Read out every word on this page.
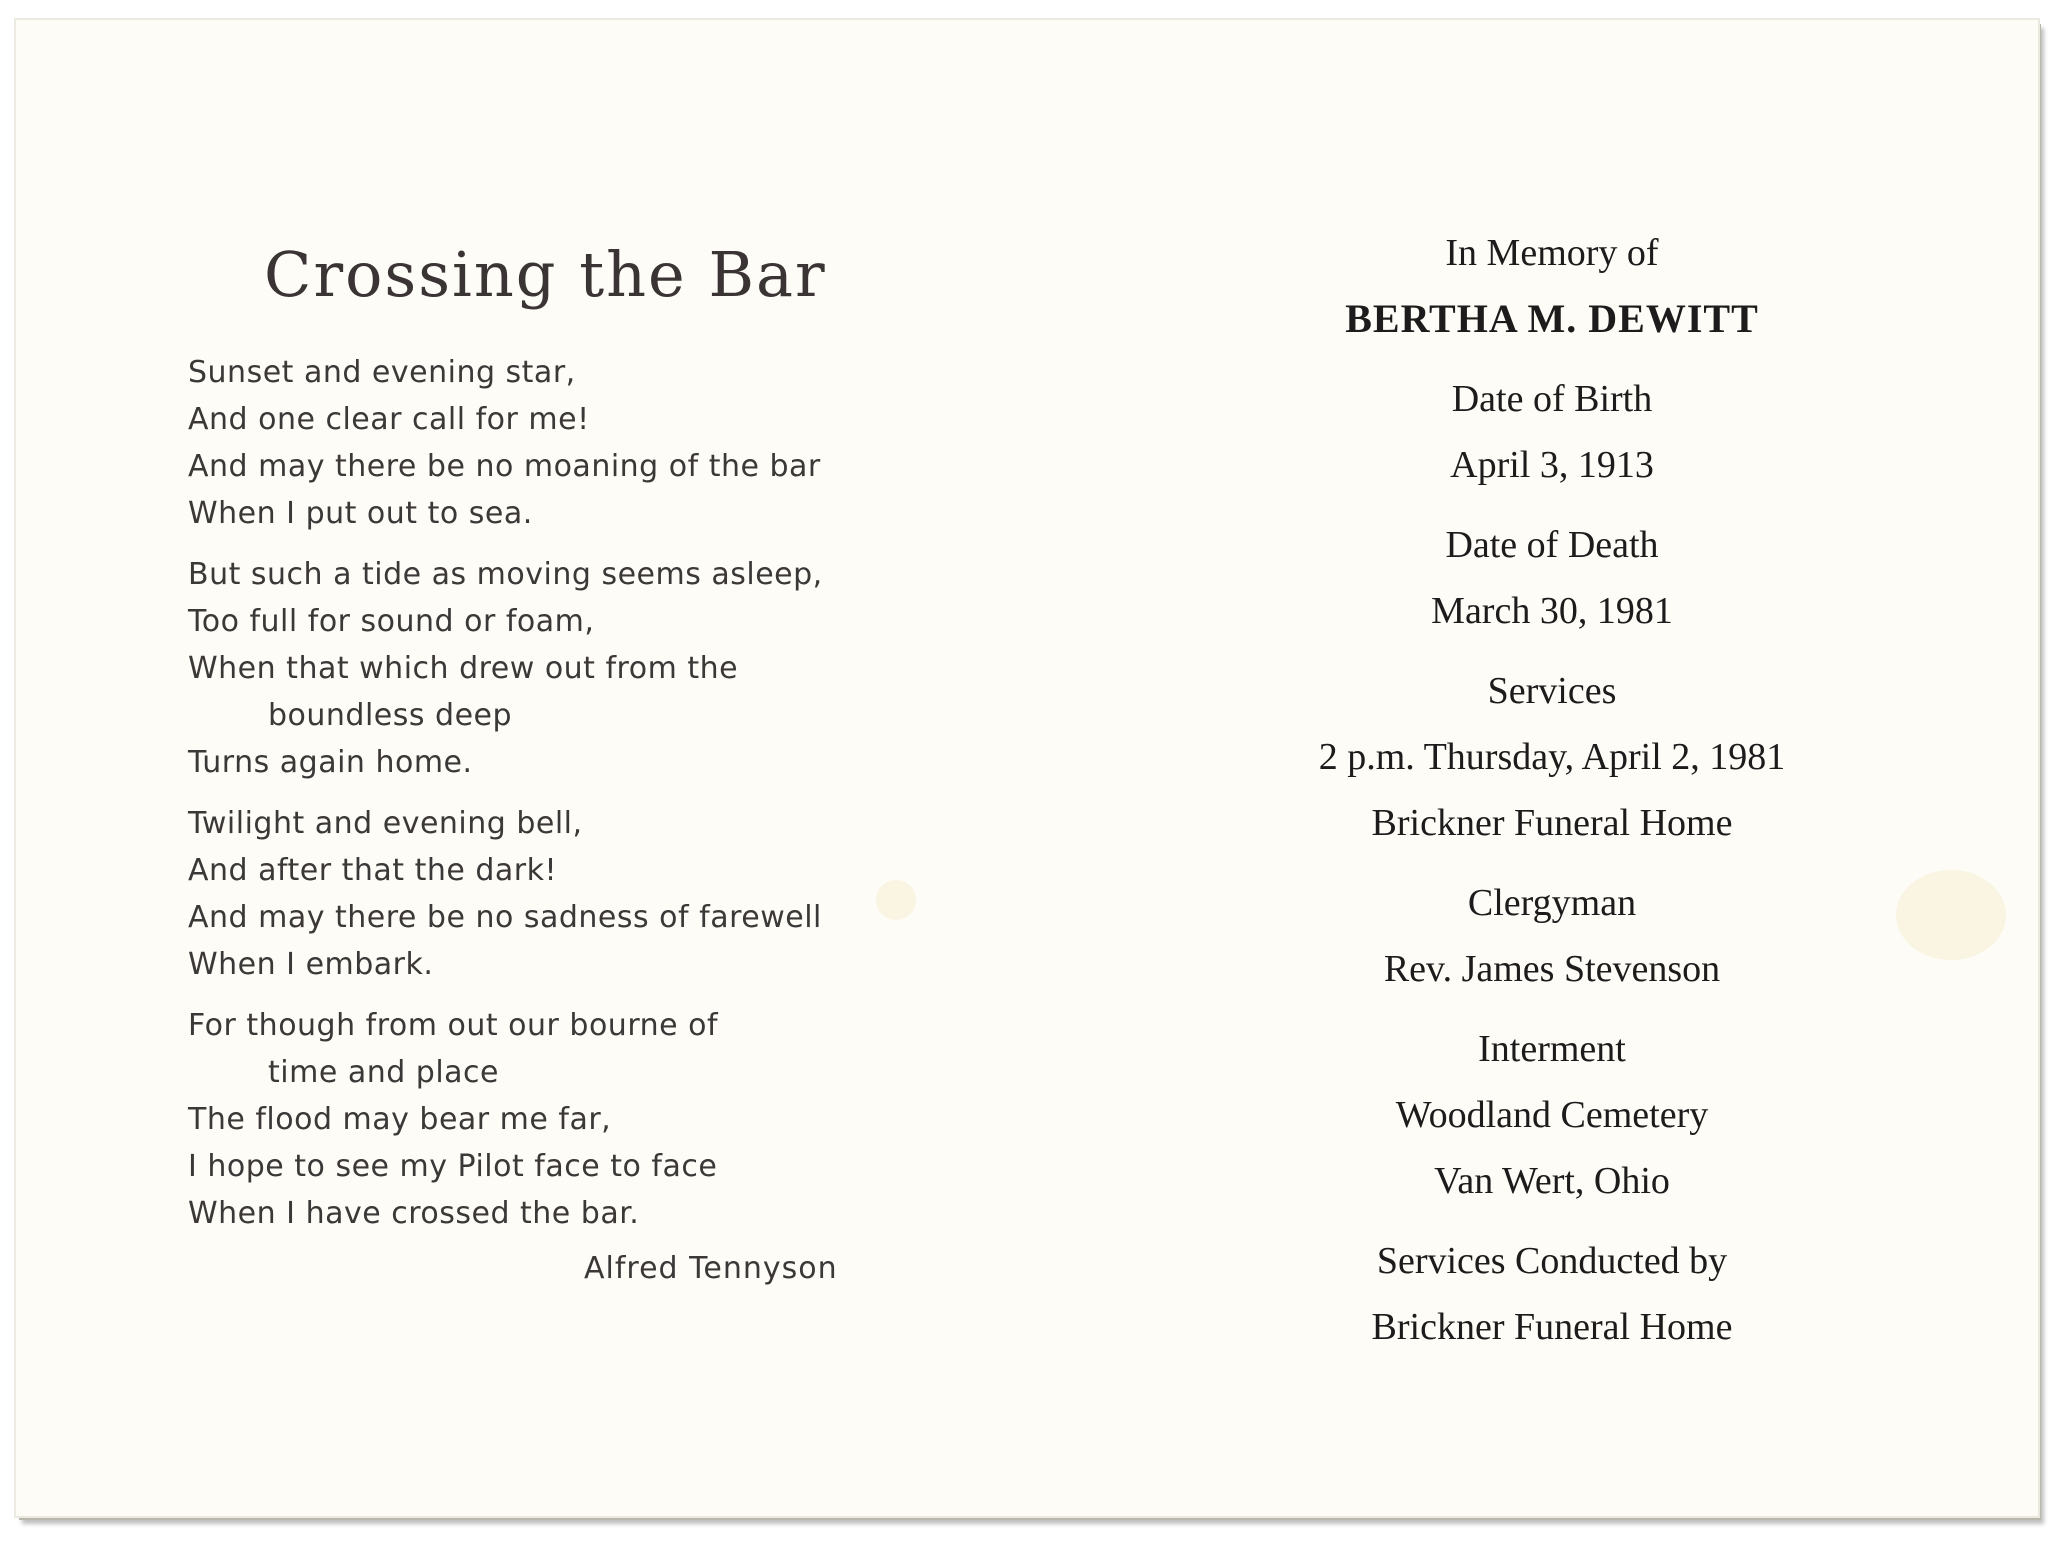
Crossing the Bar
Sunset and evening star,
And one clear call for me!
And may there be no moaning of the bar
When I put out to sea.
But such a tide as moving seems asleep,
Too full for sound or foam,
When that which drew out from the
boundless deep
Turns again home.
Twilight and evening bell,
And after that the dark!
And may there be no sadness of farewell
When I embark.
For though from out our bourne of
time and place
The flood may bear me far,
I hope to see my Pilot face to face
When I have crossed the bar.
Alfred Tennyson
In Memory of
BERTHA M. DEWITT
Date of Birth
April 3, 1913
Date of Death
March 30, 1981
Services
2 p.m. Thursday, April 2, 1981
Brickner Funeral Home
Clergyman
Rev. James Stevenson
Interment
Woodland Cemetery
Van Wert, Ohio
Services Conducted by
Brickner Funeral Home
